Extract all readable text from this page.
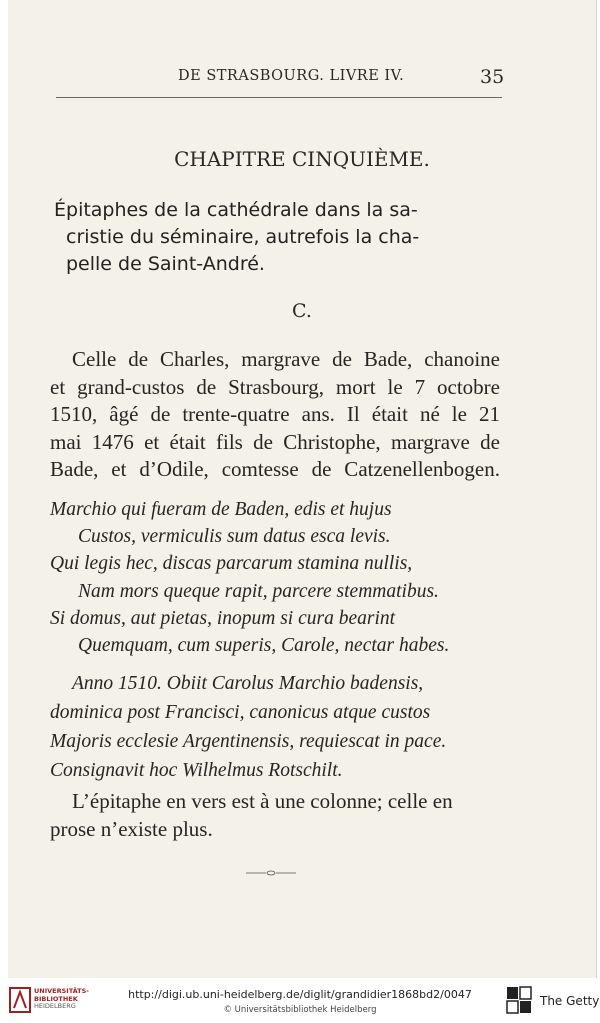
DE STRASBOURG. LIVRE IV.	35
CHAPITRE CINQUIÈME.
Épitaphes de la cathédrale dans la sa-
cristie du séminaire, autrefois la cha-
pelle de Saint-André.
C.
Celle de Charles, margrave de Bade, chanoine
et grand-custos de Strasbourg, mort le 7 octobre
1510, âgé de trente-quatre ans. Il était né le 21
mai 1476 et était fils de Christophe, margrave de
Bade, et d’Odile, comtesse de Catzenellenbogen.
Marchio qui fueram de Baden, edis et hujus
Custos, vermiculis sum datus esca levis.
Qui legis hec, discas parcarum stamina nullis,
Nam mors queque rapit, parcere stemmatibus.
Si domus, aut pietas, inopum si cura bearint
Quemquam, cum superis, Carole, nectar habes.
Anno 1510. Obiit Carolus Marchio badensis,
dominica post Francisci, canonicus atque custos
Majoris ecclesie Argentinensis, requiescat in pace.
Consignavit hoc Wilhelmus Rotschilt.
L’épitaphe en vers est à une colonne; celle en
prose n’existe plus.
UNIVERSITÄTS-
BIBLIOTHEK
HEIDELBERG
http://digi.ub.uni-heidelberg.de/diglit/grandidier1868bd2/0047
© Universitätsbibliothek Heidelberg
The Getty
